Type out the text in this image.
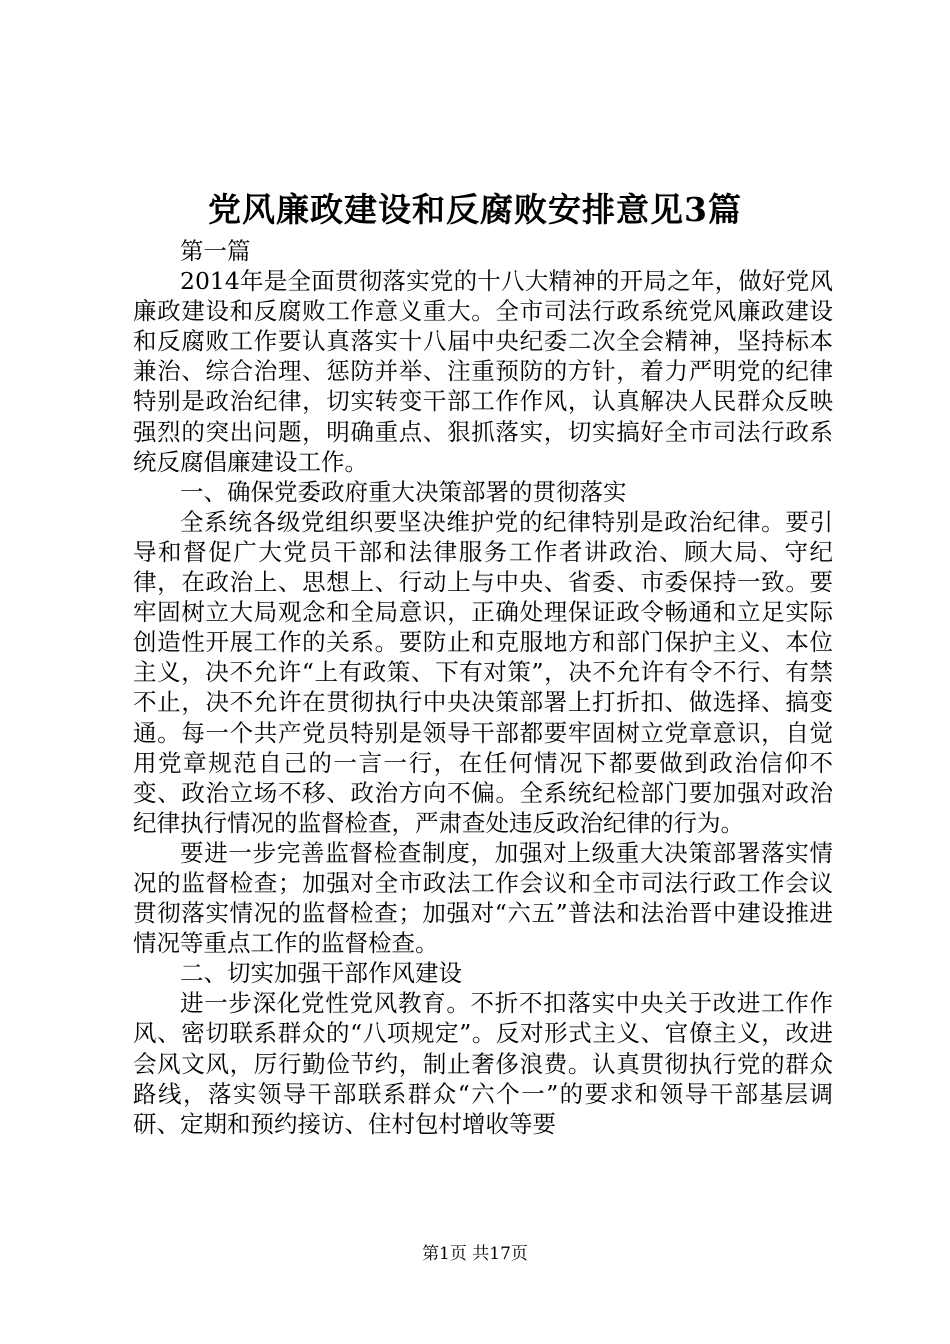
党风廉政建设和反腐败安排意见3篇

第一篇

2014年是全面贯彻落实党的十八大精神的开局之年，做好党风廉政建设和反腐败工作意义重大。全市司法行政系统党风廉政建设和反腐败工作要认真落实十八届中央纪委二次全会精神，坚持标本兼治、综合治理、惩防并举、注重预防的方针，着力严明党的纪律特别是政治纪律，切实转变干部工作作风，认真解决人民群众反映强烈的突出问题，明确重点、狠抓落实，切实搞好全市司法行政系统反腐倡廉建设工作。

一、确保党委政府重大决策部署的贯彻落实

全系统各级党组织要坚决维护党的纪律特别是政治纪律。要引导和督促广大党员干部和法律服务工作者讲政治、顾大局、守纪律，在政治上、思想上、行动上与中央、省委、市委保持一致。要牢固树立大局观念和全局意识，正确处理保证政令畅通和立足实际创造性开展工作的关系。要防止和克服地方和部门保护主义、本位主义，决不允许“上有政策、下有对策”，决不允许有令不行、有禁不止，决不允许在贯彻执行中央决策部署上打折扣、做选择、搞变通。每一个共产党员特别是领导干部都要牢固树立党章意识，自觉用党章规范自己的一言一行，在任何情况下都要做到政治信仰不变、政治立场不移、政治方向不偏。全系统纪检部门要加强对政治纪律执行情况的监督检查，严肃查处违反政治纪律的行为。

要进一步完善监督检查制度，加强对上级重大决策部署落实情况的监督检查；加强对全市政法工作会议和全市司法行政工作会议贯彻落实情况的监督检查；加强对“六五”普法和法治晋中建设推进情况等重点工作的监督检查。

二、切实加强干部作风建设

进一步深化党性党风教育。不折不扣落实中央关于改进工作作风、密切联系群众的“八项规定”。反对形式主义、官僚主义，改进会风文风，厉行勤俭节约，制止奢侈浪费。认真贯彻执行党的群众路线，落实领导干部联系群众“六个一”的要求和领导干部基层调研、定期和预约接访、住村包村增收等要

第1页 共17页
